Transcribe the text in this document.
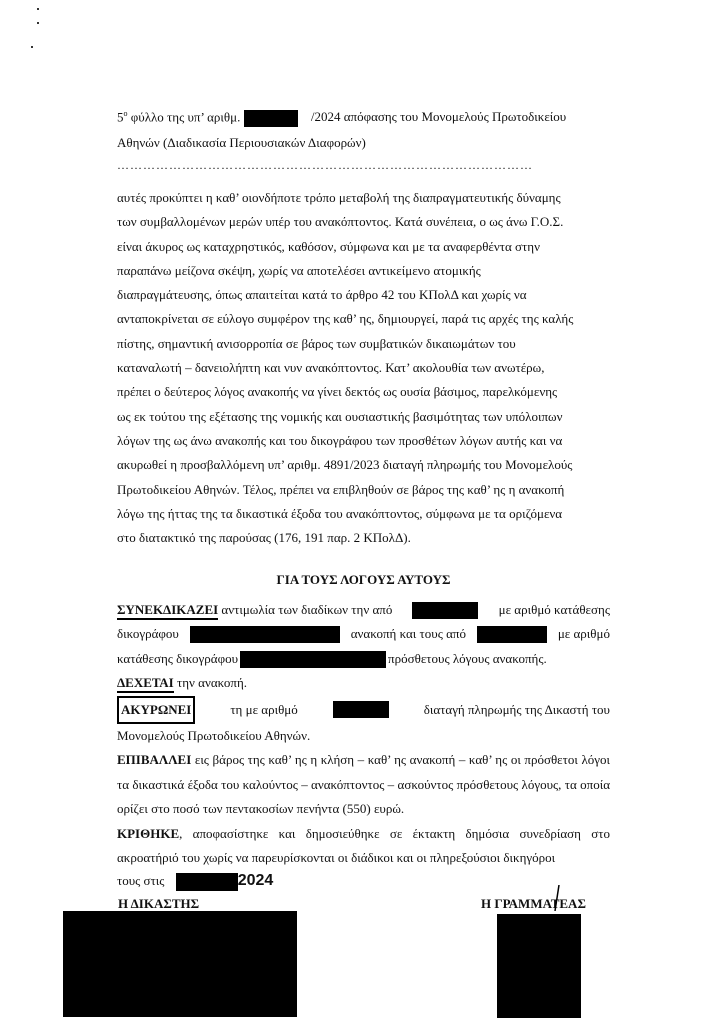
$5^o$ φύλλο της υπ’ αριθμ.	/2024 απόφασης του Μονομελούς Πρωτοδικείου
Αθηνών (Διαδικασία Περιουσιακών Διαφορών)
……………………………………………………………………………………

αυτές προκύπτει η καθ’ οιονδήποτε τρόπο μεταβολή της διαπραγματευτικής δύναμης

των συμβαλλομένων μερών υπέρ του ανακόπτοντος. Κατά συνέπεια, ο ως άνω Γ.Ο.Σ.

είναι άκυρος ως καταχρηστικός, καθόσον, σύμφωνα και με τα αναφερθέντα στην

παραπάνω μείζονα σκέψη, χωρίς να αποτελέσει αντικείμενο ατομικής

διαπραγμάτευσης, όπως απαιτείται κατά το άρθρο 42 του ΚΠολΔ και χωρίς να

ανταποκρίνεται σε εύλογο συμφέρον της καθ’ ης, δημιουργεί, παρά τις αρχές της καλής

πίστης, σημαντική ανισορροπία σε βάρος των συμβατικών δικαιωμάτων του

καταναλωτή – δανειολήπτη και νυν ανακόπτοντος. Κατ’ ακολουθία των ανωτέρω,

πρέπει ο δεύτερος λόγος ανακοπής να γίνει δεκτός ως ουσία βάσιμος, παρελκόμενης

ως εκ τούτου της εξέτασης της νομικής και ουσιαστικής βασιμότητας των υπόλοιπων

λόγων της ως άνω ανακοπής και του δικογράφου των προσθέτων λόγων αυτής και να

ακυρωθεί η προσβαλλόμενη υπ’ αριθμ. 4891/2023 διαταγή πληρωμής του Μονομελούς

Πρωτοδικείου Αθηνών. Τέλος, πρέπει να επιβληθούν σε βάρος της καθ’ ης η ανακοπή

λόγω της ήττας της τα δικαστικά έξοδα του ανακόπτοντος, σύμφωνα με τα οριζόμενα

στο διατακτικό της παρούσας (176, 191 παρ. 2 ΚΠολΔ).

ΓΙΑ ΤΟΥΣ ΛΟΓΟΥΣ ΑΥΤΟΥΣ
ΣΥΝΕΚΔΙΚΑΖΕΙ αντιμωλία των διαδίκων την από	με αριθμό κατάθεσης
δικογράφου	ανακοπή και τους από	με αριθμό
κατάθεσης δικογράφου	πρόσθετους λόγους ανακοπής.

ΔΕΧΕΤΑΙ την ανακοπή.

ΑΚΥΡΩΝΕΙ	τη με αριθμό	διαταγή πληρωμής της Δικαστή του

Μονομελούς Πρωτοδικείου Αθηνών.

ΕΠΙΒΑΛΛΕΙ εις βάρος της καθ’ ης η κλήση – καθ’ ης ανακοπή – καθ’ ης οι πρόσθετοι λόγοι τα δικαστικά έξοδα του καλούντος – ανακόπτοντος – ασκούντος πρόσθετους λόγους, τα οποία ορίζει στο ποσό των πεντακοσίων πενήντα (550) ευρώ.

ΚΡΙΘΗΚΕ, αποφασίστηκε και δημοσιεύθηκε σε έκτακτη δημόσια συνεδρίαση στο ακροατήριό του χωρίς να παρευρίσκονται οι διάδικοι και οι πληρεξούσιοι δικηγόροι

τους στις	2024
Η ΔΙΚΑΣΤΗΣ	Η ΓΡΑΜΜΑΤΕΑΣ
